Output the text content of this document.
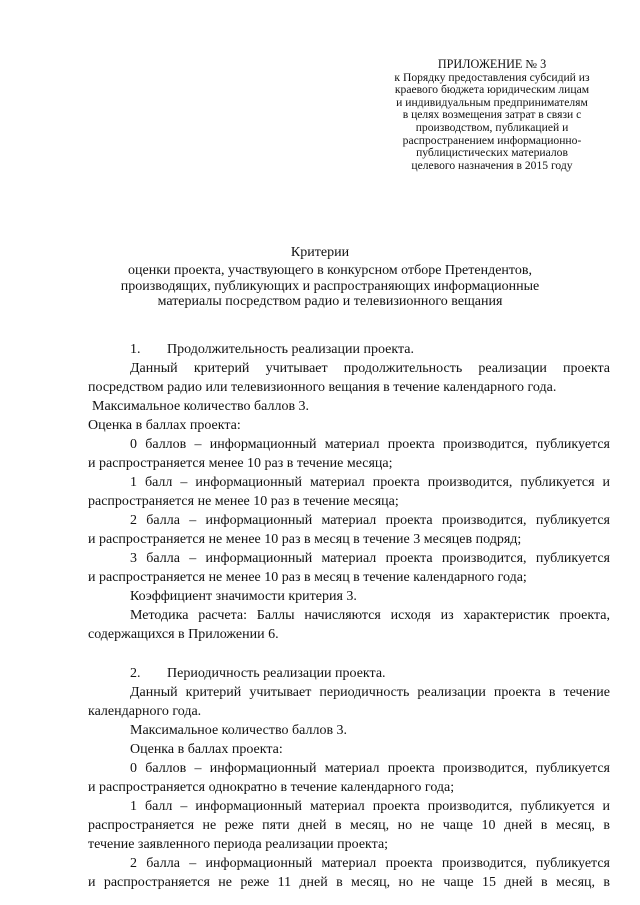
ПРИЛОЖЕНИЕ № 3
к Порядку предоставления субсидий из
краевого бюджета юридическим лицам
и индивидуальным предпринимателям
в целях возмещения затрат в связи с
производством, публикацией и
распространением информационно-
публицистических материалов
целевого назначения в 2015 году
Критерии
оценки проекта, участвующего в конкурсном отборе Претендентов,
производящих, публикующих и распространяющих информационные
материалы посредством радио и телевизионного вещания

1. Продолжительность реализации проекта.

Данный критерий учитывает продолжительность реализации проекта

посредством радио или телевизионного вещания в течение календарного года.

Максимальное количество баллов 3.

Оценка в баллах проекта:

0 баллов – информационный материал проекта производится, публикуется

и распространяется менее 10 раз в течение месяца;

1 балл – информационный материал проекта производится, публикуется и

распространяется не менее 10 раз в течение месяца;

2 балла – информационный материал проекта производится, публикуется

и распространяется не менее 10 раз в месяц в течение 3 месяцев подряд;

3 балла – информационный материал проекта производится, публикуется

и распространяется не менее 10 раз в месяц в течение календарного года;

Коэффициент значимости критерия 3.

Методика расчета: Баллы начисляются исходя из характеристик проекта,

содержащихся в Приложении 6.

2. Периодичность реализации проекта.

Данный критерий учитывает периодичность реализации проекта в течение

календарного года.

Максимальное количество баллов 3.

Оценка в баллах проекта:

0 баллов – информационный материал проекта производится, публикуется

и распространяется однократно в течение календарного года;

1 балл – информационный материал проекта производится, публикуется и

распространяется не реже пяти дней в месяц, но не чаще 10 дней в месяц, в

течение заявленного периода реализации проекта;

2 балла – информационный материал проекта производится, публикуется

и распространяется не реже 11 дней в месяц, но не чаще 15 дней в месяц, в
